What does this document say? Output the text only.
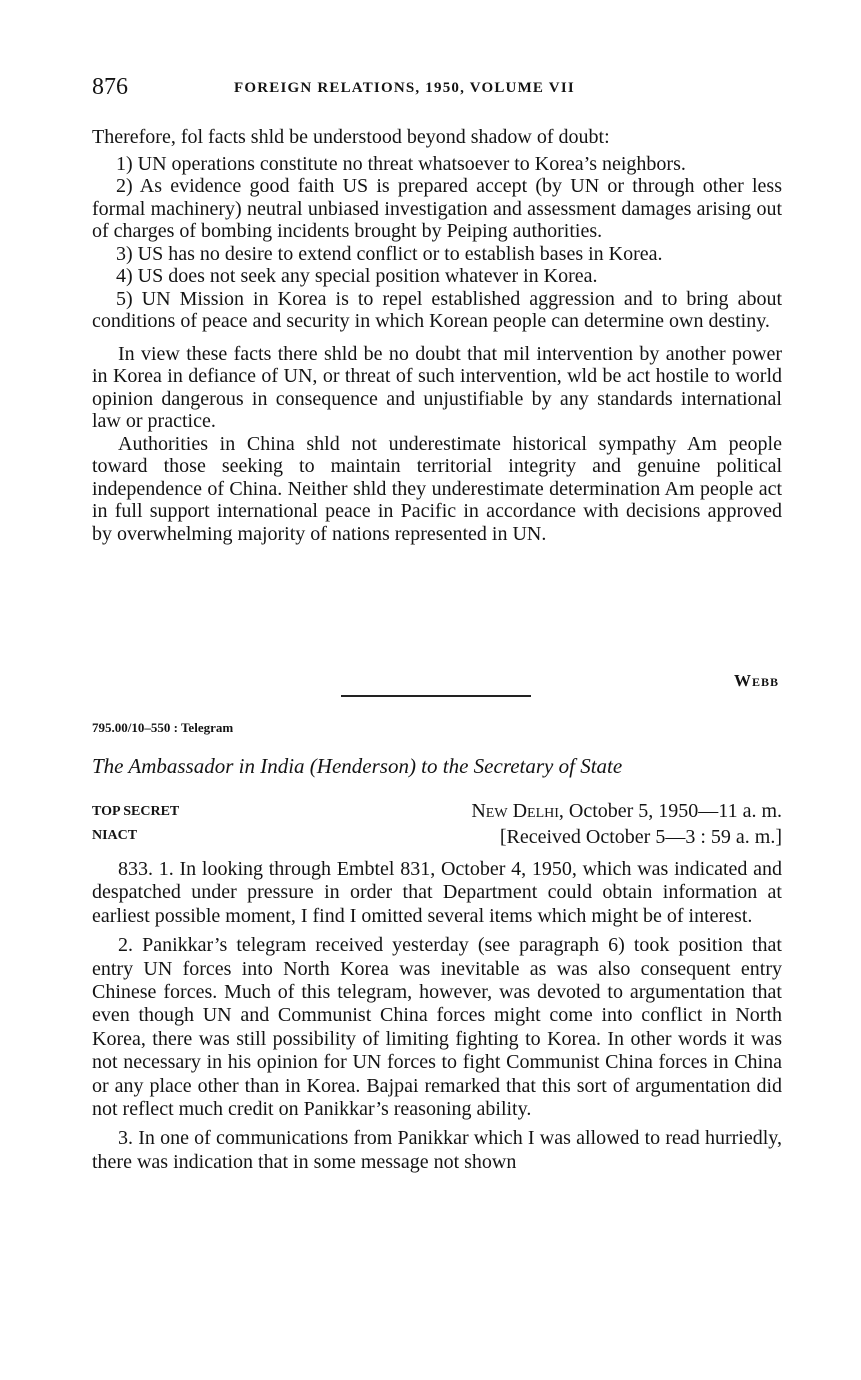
876	FOREIGN RELATIONS, 1950, VOLUME VII

Therefore, fol facts shld be understood beyond shadow of doubt:

1) UN operations constitute no threat whatsoever to Korea’s neighbors.

2) As evidence good faith US is prepared accept (by UN or through other less formal machinery) neutral unbiased investigation and assessment damages arising out of charges of bombing incidents brought by Peiping authorities.

3) US has no desire to extend conflict or to establish bases in Korea.

4) US does not seek any special position whatever in Korea.

5) UN Mission in Korea is to repel established aggression and to bring about conditions of peace and security in which Korean people can determine own destiny.

In view these facts there shld be no doubt that mil intervention by another power in Korea in defiance of UN, or threat of such intervention, wld be act hostile to world opinion dangerous in consequence and unjustifiable by any standards international law or practice.

Authorities in China shld not underestimate historical sympathy Am people toward those seeking to maintain territorial integrity and genuine political independence of China. Neither shld they underestimate determination Am people act in full support international peace in Pacific in accordance with decisions approved by overwhelming majority of nations represented in UN.

Webb
795.00/10–550 : Telegram
The Ambassador in India (Henderson) to the Secretary of State
TOP SECRET
NIACT
New Delhi, October 5, 1950—11 a. m.
[Received October 5—3 : 59 a. m.]

833. 1. In looking through Embtel 831, October 4, 1950, which was indicated and despatched under pressure in order that Department could obtain information at earliest possible moment, I find I omitted several items which might be of interest.

2. Panikkar’s telegram received yesterday (see paragraph 6) took position that entry UN forces into North Korea was inevitable as was also consequent entry Chinese forces. Much of this telegram, however, was devoted to argumentation that even though UN and Communist China forces might come into conflict in North Korea, there was still possibility of limiting fighting to Korea. In other words it was not necessary in his opinion for UN forces to fight Communist China forces in China or any place other than in Korea. Bajpai remarked that this sort of argumentation did not reflect much credit on Panikkar’s reasoning ability.

3. In one of communications from Panikkar which I was allowed to read hurriedly, there was indication that in some message not shown
